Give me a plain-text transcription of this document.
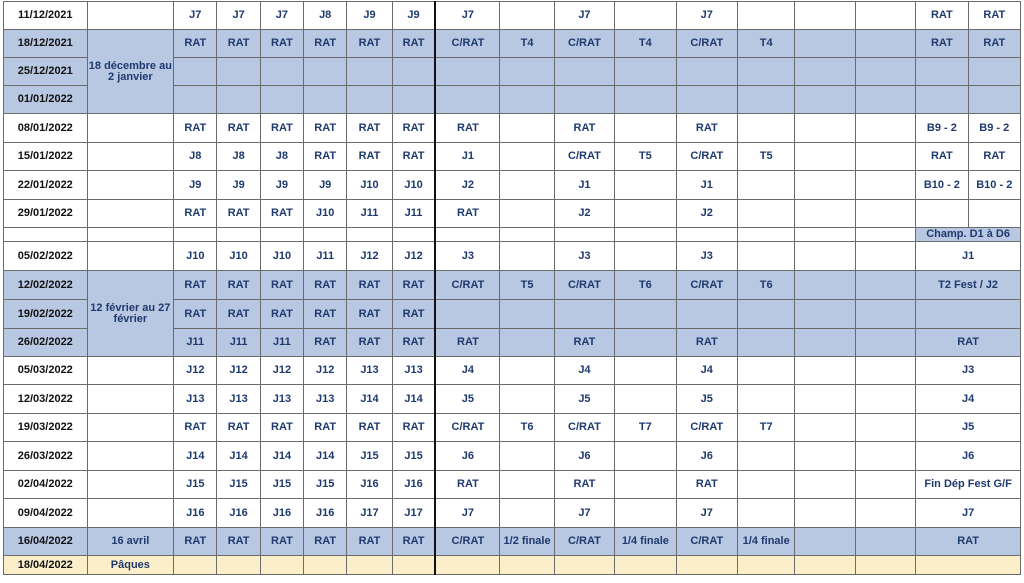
11/12/2021		J7	J7	J7	J8	J9	J9	J7		J7		J7				RAT	RAT
18/12/2021	18 décembre au 2 janvier	RAT	RAT	RAT	RAT	RAT	RAT	C/RAT	T4	C/RAT	T4	C/RAT	T4			RAT	RAT
25/12/2021																	
01/01/2022																	
08/01/2022		RAT	RAT	RAT	RAT	RAT	RAT	RAT		RAT		RAT				B9 - 2	B9 - 2
15/01/2022		J8	J8	J8	RAT	RAT	RAT	J1		C/RAT	T5	C/RAT	T5			RAT	RAT
22/01/2022		J9	J9	J9	J9	J10	J10	J2		J1		J1				B10 - 2	B10 - 2
29/01/2022		RAT	RAT	RAT	J10	J11	J11	RAT		J2		J2					
																Champ. D1 à D6	
05/02/2022		J10	J10	J10	J11	J12	J12	J3		J3		J3				J1	
12/02/2022	12 février au 27 février	RAT	RAT	RAT	RAT	RAT	RAT	C/RAT	T5	C/RAT	T6	C/RAT	T6			T2 Fest / J2	
19/02/2022		RAT	RAT	RAT	RAT	RAT	RAT										
26/02/2022		J11	J11	J11	RAT	RAT	RAT	RAT		RAT		RAT				RAT	
05/03/2022		J12	J12	J12	J12	J13	J13	J4		J4		J4				J3	
12/03/2022		J13	J13	J13	J13	J14	J14	J5		J5		J5				J4	
19/03/2022		RAT	RAT	RAT	RAT	RAT	RAT	C/RAT	T6	C/RAT	T7	C/RAT	T7			J5	
26/03/2022		J14	J14	J14	J14	J15	J15	J6		J6		J6				J6	
02/04/2022		J15	J15	J15	J15	J16	J16	RAT		RAT		RAT				Fin Dép Fest G/F	
09/04/2022		J16	J16	J16	J16	J17	J17	J7		J7		J7				J7	
16/04/2022	16 avril	RAT	RAT	RAT	RAT	RAT	RAT	C/RAT	1/2 finale	C/RAT	1/4 finale	C/RAT	1/4 finale			RAT	
18/04/2022	Pâques																
